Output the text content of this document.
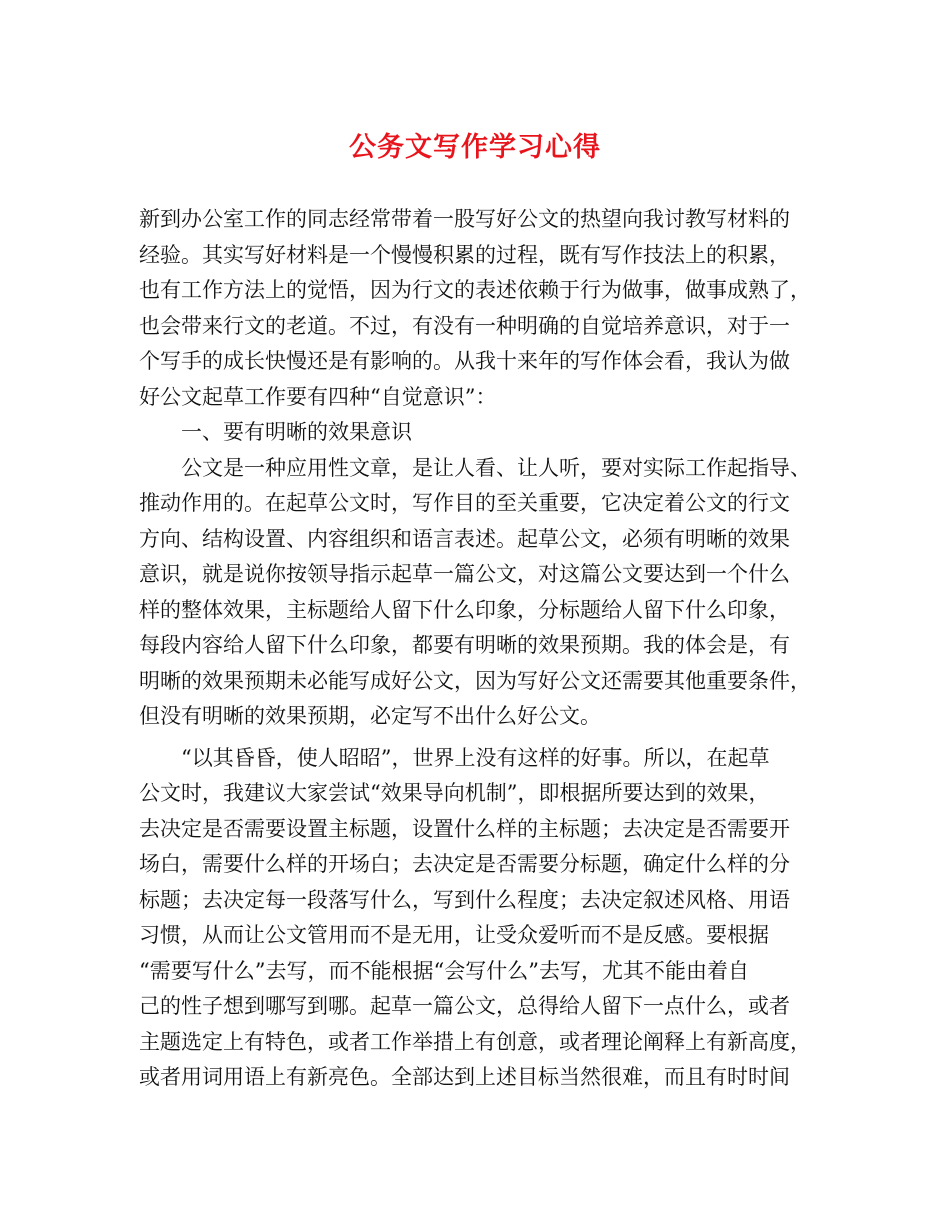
公务文写作学习心得
新到办公室工作的同志经常带着一股写好公文的热望向我讨教写材料的
经验。其实写好材料是一个慢慢积累的过程，既有写作技法上的积累，
也有工作方法上的觉悟，因为行文的表述依赖于行为做事，做事成熟了，
也会带来行文的老道。不过，有没有一种明确的自觉培养意识，对于一
个写手的成长快慢还是有影响的。从我十来年的写作体会看，我认为做
好公文起草工作要有四种“自觉意识”：
　　一、要有明晰的效果意识
　　公文是一种应用性文章，是让人看、让人听，要对实际工作起指导、
推动作用的。在起草公文时，写作目的至关重要，它决定着公文的行文
方向、结构设置、内容组织和语言表述。起草公文，必须有明晰的效果
意识，就是说你按领导指示起草一篇公文，对这篇公文要达到一个什么
样的整体效果，主标题给人留下什么印象，分标题给人留下什么印象，
每段内容给人留下什么印象，都要有明晰的效果预期。我的体会是，有
明晰的效果预期未必能写成好公文，因为写好公文还需要其他重要条件，
但没有明晰的效果预期，必定写不出什么好公文。
　　“以其昏昏，使人昭昭”，世界上没有这样的好事。所以，在起草
公文时，我建议大家尝试“效果导向机制”，即根据所要达到的效果，
去决定是否需要设置主标题，设置什么样的主标题；去决定是否需要开
场白，需要什么样的开场白；去决定是否需要分标题，确定什么样的分
标题；去决定每一段落写什么，写到什么程度；去决定叙述风格、用语
习惯，从而让公文管用而不是无用，让受众爱听而不是反感。要根据
“需要写什么”去写，而不能根据“会写什么”去写，尤其不能由着自
己的性子想到哪写到哪。起草一篇公文，总得给人留下一点什么，或者
主题选定上有特色，或者工作举措上有创意，或者理论阐释上有新高度，
或者用词用语上有新亮色。全部达到上述目标当然很难，而且有时时间
